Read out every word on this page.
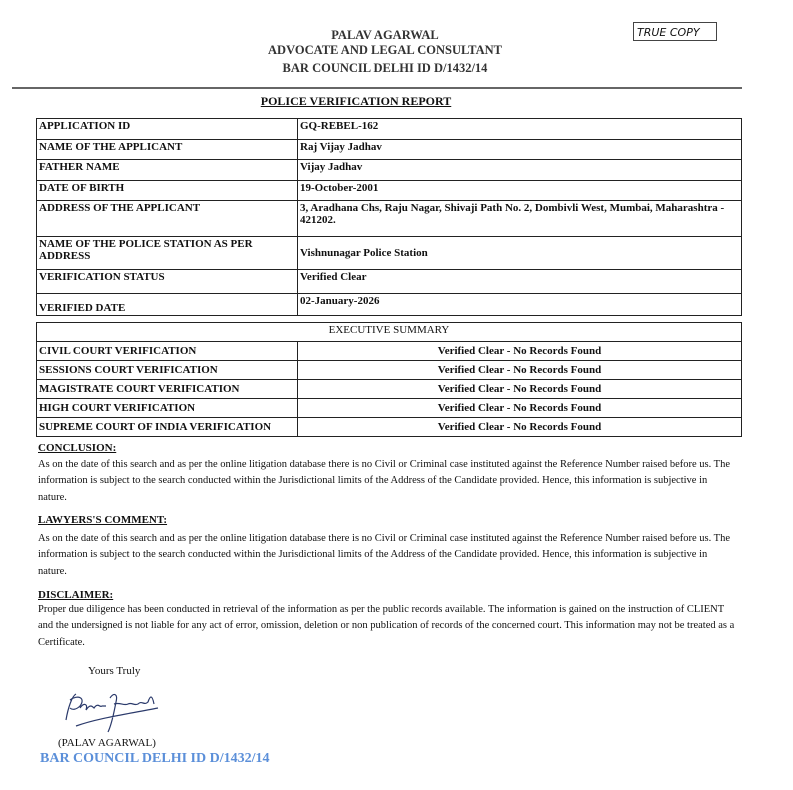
PALAV AGARWAL
ADVOCATE AND LEGAL CONSULTANT
BAR COUNCIL DELHI ID D/1432/14
TRUE COPY
POLICE VERIFICATION REPORT
APPLICATION ID	GQ-REBEL-162
NAME OF THE APPLICANT	Raj Vijay Jadhav
FATHER NAME	Vijay Jadhav
DATE OF BIRTH	19-October-2001
ADDRESS OF THE APPLICANT	3, Aradhana Chs, Raju Nagar, Shivaji Path No. 2, Dombivli West, Mumbai, Maharashtra - 421202.
NAME OF THE POLICE STATION AS PER ADDRESS	Vishnunagar Police Station
VERIFICATION STATUS	Verified Clear
VERIFIED DATE	02-January-2026
EXECUTIVE SUMMARY	
CIVIL COURT VERIFICATION	Verified Clear - No Records Found
SESSIONS COURT VERIFICATION	Verified Clear - No Records Found
MAGISTRATE COURT VERIFICATION	Verified Clear - No Records Found
HIGH COURT VERIFICATION	Verified Clear - No Records Found
SUPREME COURT OF INDIA VERIFICATION	Verified Clear - No Records Found
CONCLUSION:
As on the date of this search and as per the online litigation database there is no Civil or Criminal case instituted against the Reference Number raised before us. The information is subject to the search conducted within the Jurisdictional limits of the Address of the Candidate provided. Hence, this information is subjective in nature.
LAWYERS'S COMMENT:
As on the date of this search and as per the online litigation database there is no Civil or Criminal case instituted against the Reference Number raised before us. The information is subject to the search conducted within the Jurisdictional limits of the Address of the Candidate provided. Hence, this information is subjective in nature.
DISCLAIMER:
Proper due diligence has been conducted in retrieval of the information as per the public records available. The information is gained on the instruction of CLIENT and the undersigned is not liable for any act of error, omission, deletion or non publication of records of the concerned court. This information may not be treated as a Certificate.
Yours Truly
(PALAV AGARWAL)
BAR COUNCIL DELHI ID D/1432/14
